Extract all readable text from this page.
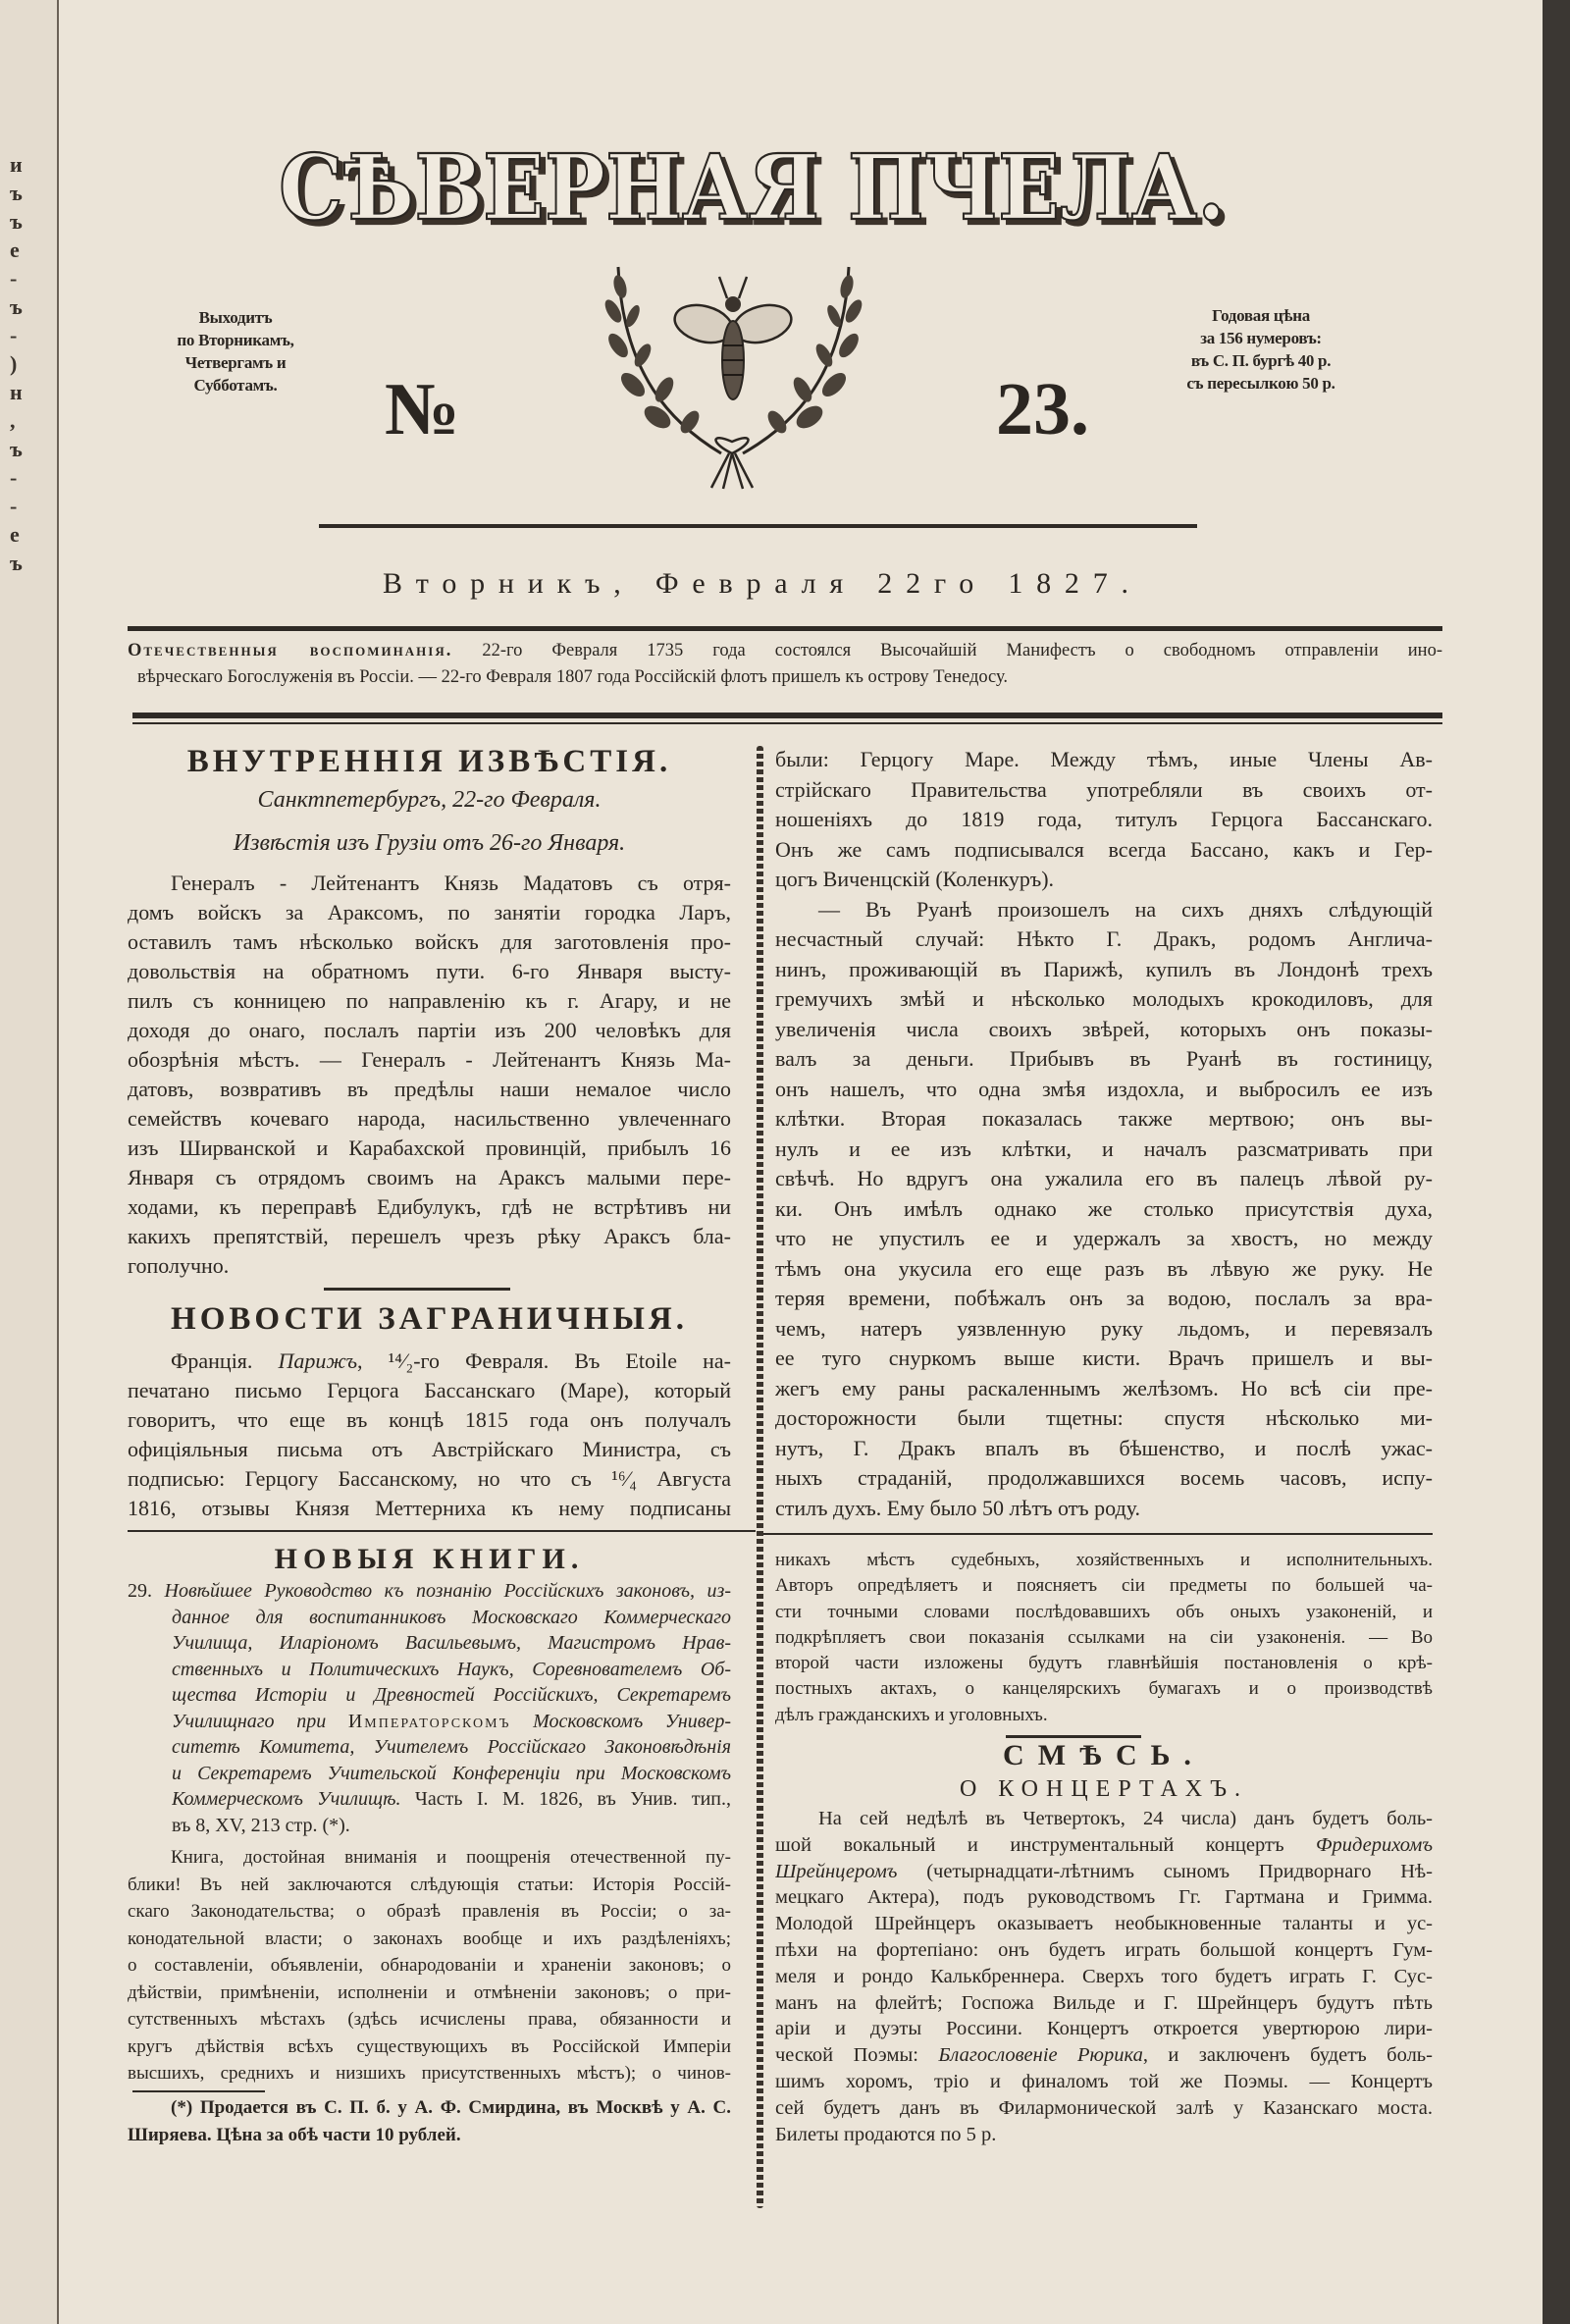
СѢВЕРНАЯ ПЧЕЛА.
Выходитъ
по Вторникамъ,
Четвергамъ и
Субботамъ.
Годовая цѣна
за 156 нумеровъ:
въ С. П. бургѣ 40 р.
съ пересылкою 50 р.
№	23.
Вторникъ, Февраля 22го 1827.
Отечественныя воспоминанія. 22-го Февраля 1735 года состоялся Высочайшій Манифестъ о свободномъ отправленіи ино-
вѣрческаго Богослуженія въ Россіи. — 22-го Февраля 1807 года Россійскій флотъ пришелъ къ острову Тенедосу.
ВНУТРЕННІЯ ИЗВѢСТІЯ.
Санктпетербургъ, 22-го Февраля.
Извѣстія изъ Грузіи отъ 26-го Января.
Генералъ - Лейтенантъ Князь Мадатовъ съ отря-
домъ войскъ за Араксомъ, по занятіи городка Ларъ,
оставилъ тамъ нѣсколько войскъ для заготовленія про-
довольствія на обратномъ пути. 6-го Января высту-
пилъ съ конницею по направленію къ г. Агару, и не
доходя до онаго, послалъ партіи изъ 200 человѣкъ для
обозрѣнія мѣстъ. — Генералъ - Лейтенантъ Князь Ма-
датовъ, возвративъ въ предѣлы наши немалое число
семействъ кочеваго народа, насильственно увлеченнаго
изъ Ширванской и Карабахской провинцій, прибылъ 16
Января съ отрядомъ своимъ на Араксъ малыми пере-
ходами, къ переправѣ Едибулукъ, гдѣ не встрѣтивъ ни
какихъ препятствій, перешелъ чрезъ рѣку Араксъ бла-
гополучно.
НОВОСТИ ЗАГРАНИЧНЫЯ.
Франція. Парижъ, ¹⁴⁄₂-го Февраля. Въ Etoile на-
печатано письмо Герцога Бассанскаго (Маре), который
говоритъ, что еще въ концѣ 1815 года онъ получалъ
офиціяльныя письма отъ Австрійскаго Министра, съ
подписью: Герцогу Бассанскому, но что съ ¹⁶⁄₄ Августа
1816, отзывы Князя Меттерниха къ нему подписаны
НОВЫЯ КНИГИ.
29. Новѣйшее Руководство къ познанію Россійскихъ законовъ, из-
данное для воспитанниковъ Московскаго Коммерческаго
Училища, Иларіономъ Васильевымъ, Магистромъ Нрав-
ственныхъ и Политическихъ Наукъ, Соревнователемъ Об-
щества Исторіи и Древностей Россійскихъ, Секретаремъ
Училищнаго при Императорскомъ Московскомъ Универ-
ситетѣ Комитета, Учителемъ Россійскаго Законовѣдѣнія
и Секретаремъ Учительской Конференціи при Московскомъ
Коммерческомъ Училищѣ. Часть I. М. 1826, въ Унив. тип.,
въ 8, XV, 213 стр. (*).
Книга, достойная вниманія и поощренія отечественной пу-
блики! Въ ней заключаются слѣдующія статьи: Исторія Россій-
скаго Законодательства; о образѣ правленія въ Россіи; о за-
конодательной власти; о законахъ вообще и ихъ раздѣленіяхъ;
о составленіи, объявленіи, обнародованіи и храненіи законовъ; о
дѣйствіи, примѣненіи, исполненіи и отмѣненіи законовъ; о при-
сутственныхъ мѣстахъ (здѣсь исчислены права, обязанности и
кругъ дѣйствія всѣхъ существующихъ въ Россійской Имперіи
высшихъ, среднихъ и низшихъ присутственныхъ мѣстъ); о чинов-
(*) Продается въ С. П. б. у А. Ф. Смирдина, въ Москвѣ у А. С.
Ширяева. Цѣна за обѣ части 10 рублей.
были: Герцогу Маре. Между тѣмъ, иные Члены Ав-
стрійскаго Правительства употребляли въ своихъ от-
ношеніяхъ до 1819 года, титулъ Герцога Бассанскаго.
Онъ же самъ подписывался всегда Бассано, какъ и Гер-
цогъ Виченцскій (Коленкуръ).
— Въ Руанѣ произошелъ на сихъ дняхъ слѣдующій
несчастный случай: Нѣкто Г. Дракъ, родомъ Англича-
нинъ, проживающій въ Парижѣ, купилъ въ Лондонѣ трехъ
гремучихъ змѣй и нѣсколько молодыхъ крокодиловъ, для
увеличенія числа своихъ звѣрей, которыхъ онъ показы-
валъ за деньги. Прибывъ въ Руанѣ въ гостиницу,
онъ нашелъ, что одна змѣя издохла, и выбросилъ ее изъ
клѣтки. Вторая показалась также мертвою; онъ вы-
нулъ и ее изъ клѣтки, и началъ разсматривать при
свѣчѣ. Но вдругъ она ужалила его въ палецъ лѣвой ру-
ки. Онъ имѣлъ однако же столько присутствія духа,
что не упустилъ ее и удержалъ за хвостъ, но между
тѣмъ она укусила его еще разъ въ лѣвую же руку. Не
теряя времени, побѣжалъ онъ за водою, послалъ за вра-
чемъ, натеръ уязвленную руку льдомъ, и перевязалъ
ее туго снуркомъ выше кисти. Врачъ пришелъ и вы-
жегъ ему раны раскаленнымъ желѣзомъ. Но всѣ сіи пре-
досторожности были тщетны: спустя нѣсколько ми-
нутъ, Г. Дракъ впалъ въ бѣшенство, и послѣ ужас-
ныхъ страданій, продолжавшихся восемь часовъ, испу-
стилъ духъ. Ему было 50 лѣтъ отъ роду.
никахъ мѣстъ судебныхъ, хозяйственныхъ и исполнительныхъ.
Авторъ опредѣляетъ и поясняетъ сіи предметы по большей ча-
сти точными словами послѣдовавшихъ объ оныхъ узаконеній, и
подкрѣпляетъ свои показанія ссылками на сіи узаконенія. — Во
второй части изложены будутъ главнѣйшія постановленія о крѣ-
постныхъ актахъ, о канцелярскихъ бумагахъ и о производствѣ
дѣлъ гражданскихъ и уголовныхъ.
СМѢСЬ.
О КОНЦЕРТАХЪ.
На сей недѣлѣ въ Четвертокъ, 24 числа) данъ будетъ боль-
шой вокальный и инструментальный концертъ Фридерихомъ
Шрейнцеромъ (четырнадцати-лѣтнимъ сыномъ Придворнаго Нѣ-
мецкаго Актера), подъ руководствомъ Гг. Гартмана и Гримма.
Молодой Шрейнцеръ оказываетъ необыкновенные таланты и ус-
пѣхи на фортепіано: онъ будетъ играть большой концертъ Гум-
меля и рондо Калькбреннера. Сверхъ того будетъ играть Г. Сус-
манъ на флейтѣ; Госпожа Вильде и Г. Шрейнцеръ будутъ пѣть
аріи и дуэты Россини. Концертъ откроется увертюрою лири-
ческой Поэмы: Благословеніе Рюрика, и заключенъ будетъ боль-
шимъ хоромъ, тріо и финаломъ той же Поэмы. — Концертъ
сей будетъ данъ въ Филармонической залѣ у Казанскаго моста.
Билеты продаются по 5 р.
и
ъ
ъ
е
-
ъ
-
)
н
,
ъ
-
-
е
ъ
